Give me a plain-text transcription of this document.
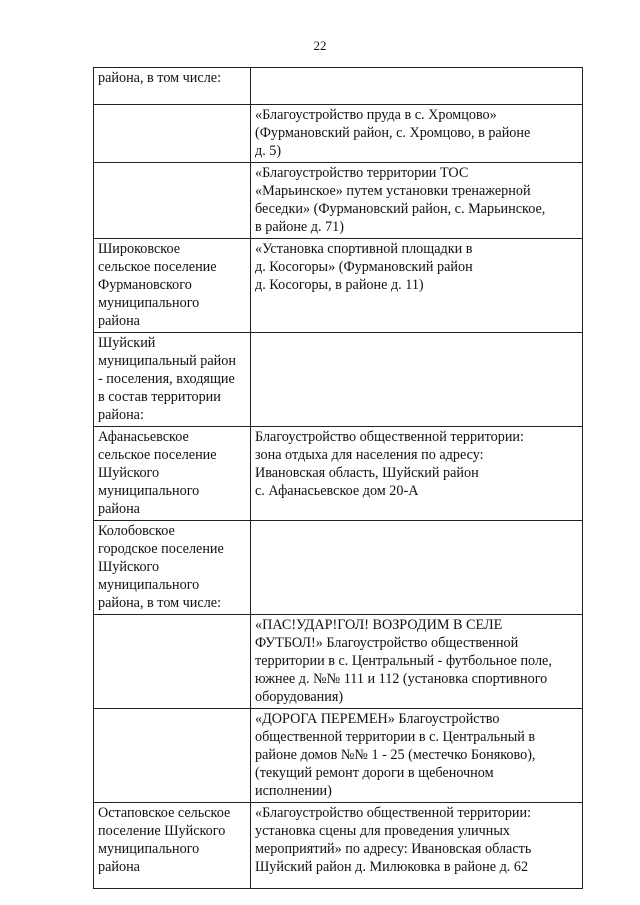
22
района, в том числе:	

	«Благоустройство пруда в с. Хромцово»
(Фурмановский район, с. Хромцово, в районе
д. 5)

	«Благоустройство территории ТОС
«Марьинское» путем установки тренажерной
беседки» (Фурмановский район, с. Марьинское,
в районе д. 71)

Широковское
сельское поселение
Фурмановского
муниципального
района	«Установка спортивной площадки в
д. Косогоры» (Фурмановский район
д. Косогоры, в районе д. 11)

Шуйский
муниципальный район
- поселения, входящие
в состав территории
района:	

Афанасьевское
сельское поселение
Шуйского
муниципального
района	Благоустройство общественной территории:
зона отдыха для населения по адресу:
Ивановская область, Шуйский район
с. Афанасьевское дом 20-А

Колобовское
городское поселение
Шуйского
муниципального
района, в том числе:	

	«ПАС!УДАР!ГОЛ! ВОЗРОДИМ В СЕЛЕ
ФУТБОЛ!» Благоустройство общественной
территории в с. Центральный - футбольное поле,
южнее д. №№ 111 и 112 (установка спортивного
оборудования)

	«ДОРОГА ПЕРЕМЕН» Благоустройство
общественной территории в с. Центральный в
районе домов №№ 1 - 25 (местечко Боняково),
(текущий ремонт дороги в щебеночном
исполнении)

Остаповское сельское
поселение Шуйского
муниципального
района	«Благоустройство общественной территории:
установка сцены для проведения уличных
мероприятий» по адресу: Ивановская область
Шуйский район д. Милюковка в районе д. 62
